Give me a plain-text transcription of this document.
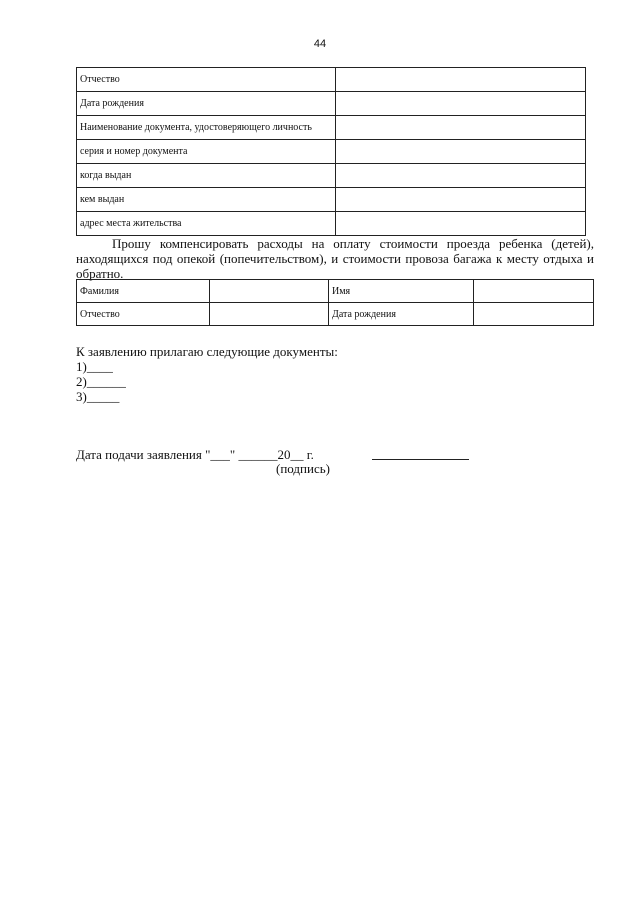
44
Отчество	
Дата рождения	
Наименование документа, удостоверяющего личность	
серия и номер документа	
когда выдан	
кем выдан	
адрес места жительства	

Прошу компенсировать расходы на оплату стоимости проезда ребенка (детей), находящихся под опекой (попечительством), и стоимости провоза багажа к месту отдыха и обратно.

Фамилия		Имя	
Отчество		Дата рождения	
К заявлению прилагаю следующие документы:
1)____
2)______
3)_____
Дата подачи заявления "___" ______20__ г.
(подпись)
